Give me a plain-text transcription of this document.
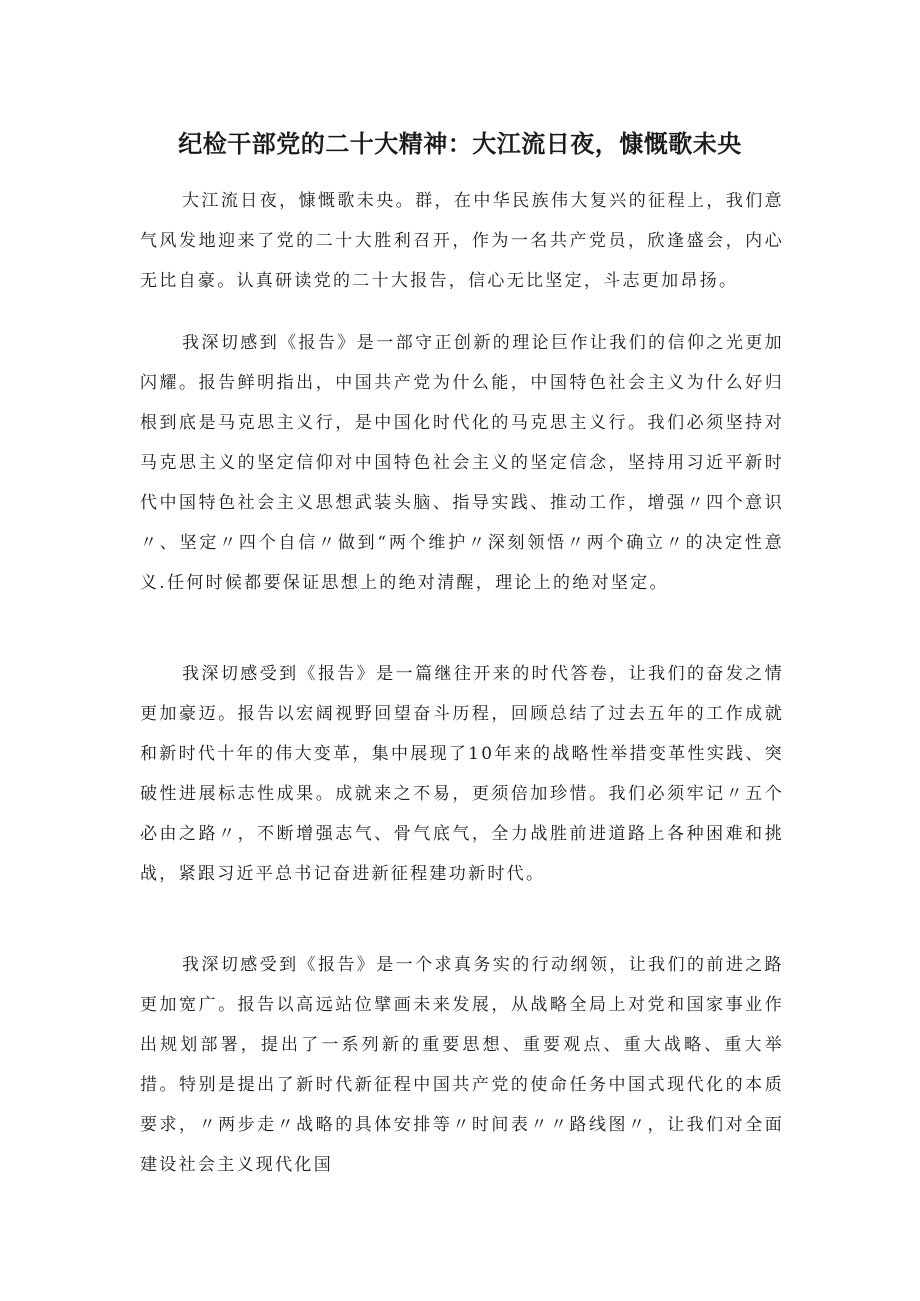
纪检干部党的二十大精神：大江流日夜，慷慨歌未央

大江流日夜，慷慨歌未央。群，在中华民族伟大复兴的征程上，我们意气风发地迎来了党的二十大胜利召开，作为一名共产党员，欣逢盛会，内心无比自豪。认真研读党的二十大报告，信心无比坚定，斗志更加昂扬。

我深切感到《报告》是一部守正创新的理论巨作让我们的信仰之光更加闪耀。报告鲜明指出，中国共产党为什么能，中国特色社会主义为什么好归根到底是马克思主义行，是中国化时代化的马克思主义行。我们必须坚持对马克思主义的坚定信仰对中国特色社会主义的坚定信念，坚持用习近平新时代中国特色社会主义思想武装头脑、指导实践、推动工作，增强〃四个意识〃、坚定〃四个自信〃做到“两个维护〃深刻领悟〃两个确立〃的决定性意义.任何时候都要保证思想上的绝对清醒，理论上的绝对坚定。

我深切感受到《报告》是一篇继往开来的时代答卷，让我们的奋发之情更加豪迈。报告以宏阔视野回望奋斗历程，回顾总结了过去五年的工作成就和新时代十年的伟大变革，集中展现了10年来的战略性举措变革性实践、突破性进展标志性成果。成就来之不易，更须倍加珍惜。我们必须牢记〃五个必由之路〃，不断增强志气、骨气底气，全力战胜前进道路上各种困难和挑战，紧跟习近平总书记奋进新征程建功新时代。

我深切感受到《报告》是一个求真务实的行动纲领，让我们的前进之路更加宽广。报告以高远站位擘画未来发展，从战略全局上对党和国家事业作出规划部署，提出了一系列新的重要思想、重要观点、重大战略、重大举措。特别是提出了新时代新征程中国共产党的使命任务中国式现代化的本质要求，〃两步走〃战略的具体安排等〃时间表〃〃路线图〃，让我们对全面建设社会主义现代化国
